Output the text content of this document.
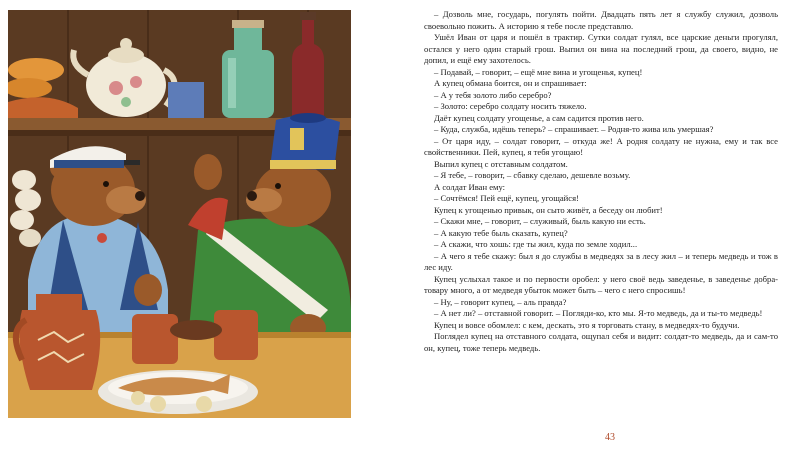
– Дозволь мне, государь, погулять пойти. Двадцать пять лет я службу служил, дозволь своевольно пожить. А историю я тебе после представлю.

Ушёл Иван от царя и пошёл в трактир. Сутки солдат гулял, все царские деньги прогулял, остался у него один старый грош. Выпил он вина на последний грош, да своего, видно, не допил, и ещё ему захотелось.

– Подавай, – говорит, – ещё мне вина и угощенья, купец!

А купец обмана боится, он и спрашивает:

– А у тебя золото либо серебро?

– Золото: серебро солдату носить тяжело.

Даёт купец солдату угощенье, а сам садится против него.

– Куда, служба, идёшь теперь? – спрашивает. – Родня-то жива иль умершая?

– От царя иду, – солдат говорит, – откуда же! А родня солдату не нужна, ему и так все свойственники. Пей, купец, я тебя угощаю!

Выпил купец с отставным солдатом.

– Я тебе, – говорит, – сбавку сделаю, дешевле возьму.

А солдат Иван ему:

– Сочтёмся! Пей ещё, купец, угощайся!

Купец к угощенью привык, он сыто живёт, а беседу он любит!

– Скажи мне, – говорит, – служивый, быль какую ни есть.

– А какую тебе быль сказать, купец?

– А скажи, что хошь: где ты жил, куда по земле ходил...

– А чего я тебе скажу: был я до службы в медведях за в лесу жил – и теперь медведь и тож в лес иду.

Купец услыхал такое и по первости оробел: у него своё ведь заведенье, в заведенье добра-товару много, а от медведя убыток может быть – чего с него спросишь!

– Ну, – говорит купец, – аль правда?

– А нет ли? – отставной говорит. – Погляди-ко, кто мы. Я-то медведь, да и ты-то медведь!

Купец и вовсе обомлел: с кем, дескать, это я торговать стану, в медведях-то будучи.

Поглядел купец на отставного солдата, ощупал себя и видит: солдат-то медведь, да и сам-то он, купец, тоже теперь медведь.

43
